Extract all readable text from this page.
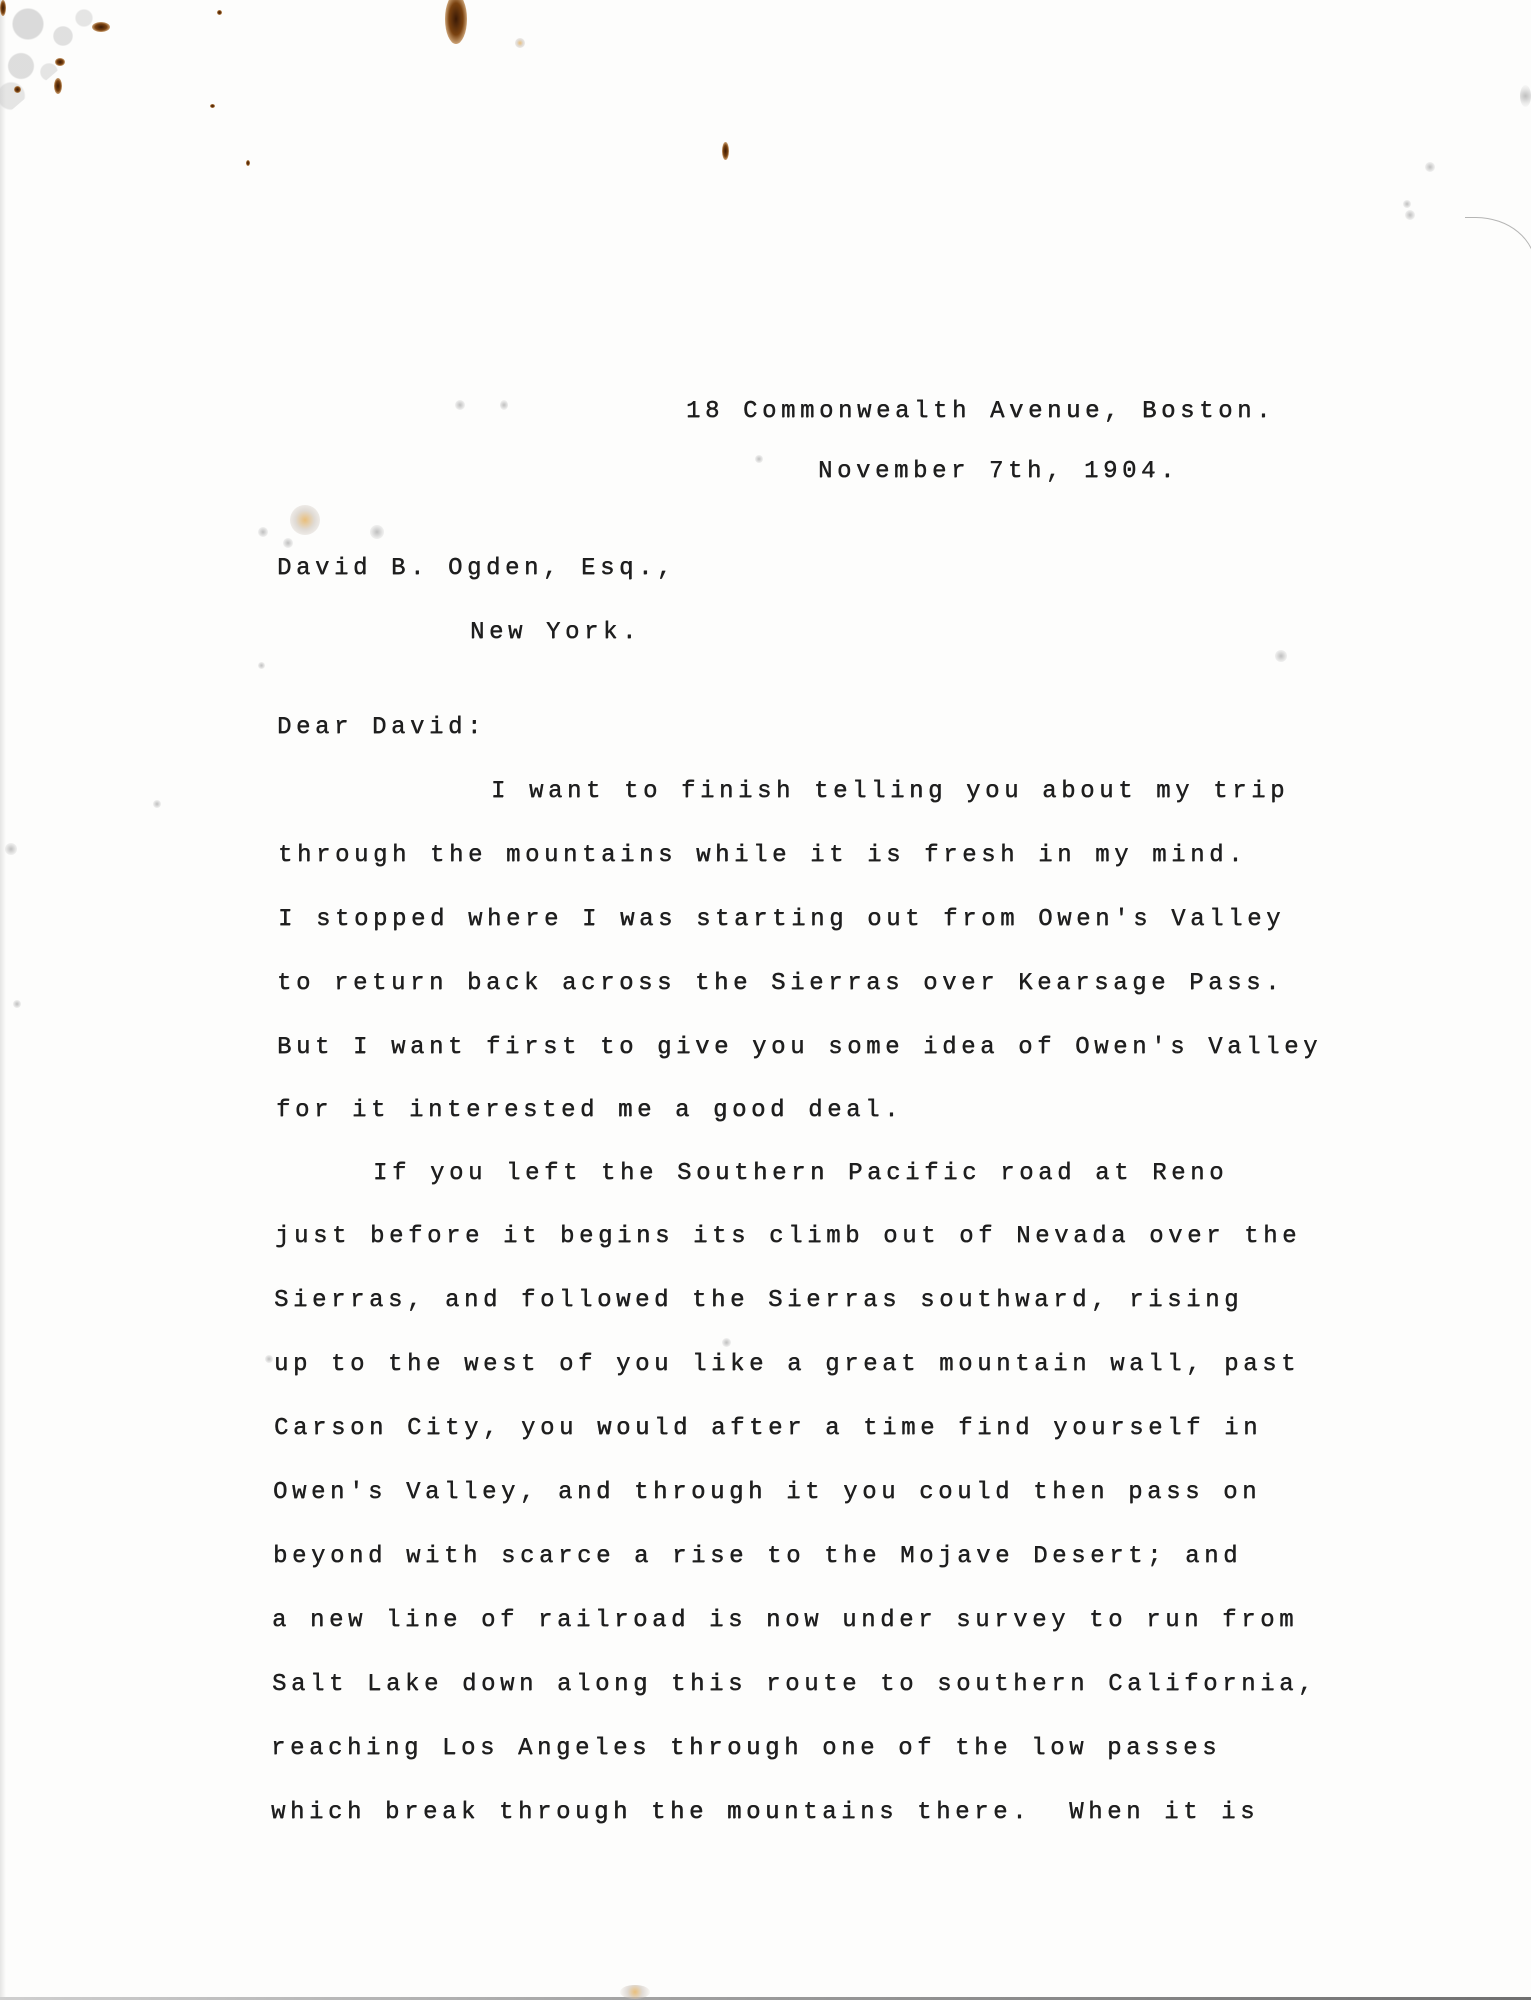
18 Commonwealth Avenue, Boston.
November 7th, 1904.
David B. Ogden, Esq.,
New York.
Dear David:
I want to finish telling you about my trip
through the mountains while it is fresh in my mind.
I stopped where I was starting out from Owen's Valley
to return back across the Sierras over Kearsage Pass.
But I want first to give you some idea of Owen's Valley
for it interested me a good deal.
If you left the Southern Pacific road at Reno
just before it begins its climb out of Nevada over the
Sierras, and followed the Sierras southward, rising
up to the west of you like a great mountain wall, past
Carson City, you would after a time find yourself in
Owen's Valley, and through it you could then pass on
beyond with scarce a rise to the Mojave Desert; and
a new line of railroad is now under survey to run from
Salt Lake down along this route to southern California,
reaching Los Angeles through one of the low passes
which break through the mountains there.  When it is
